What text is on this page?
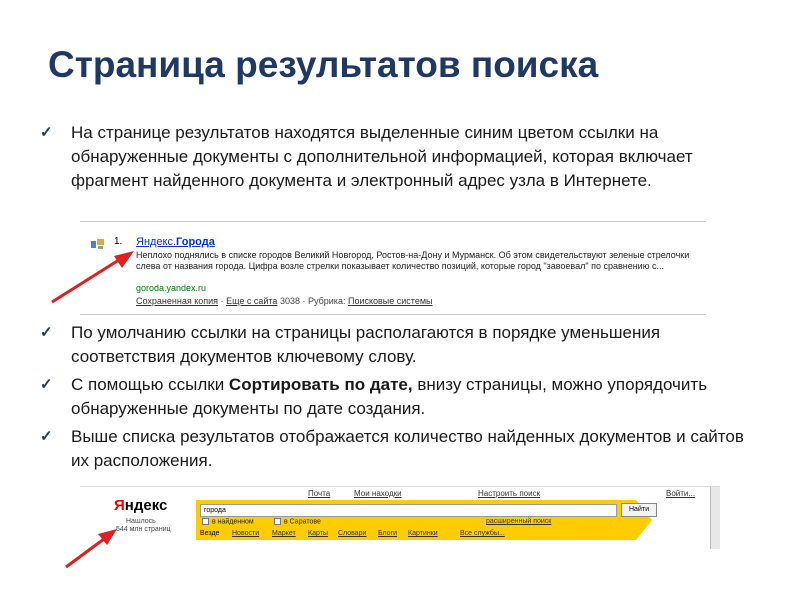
Страница результатов поиска
✓ На странице результатов находятся выделенные синим цветом ссылки на обнаруженные документы с дополнительной информацией, которая включает фрагмент найденного документа и электронный адрес узла в Интернете.
1. Яндекс.Города
Неплохо поднялись в списке городов Великий Новгород, Ростов-на-Дону и Мурманск. Об этом свидетельствуют зеленые стрелочки слева от названия города. Цифра возле стрелки показывает количество позиций, которые город "завоевал" по сравнению с...
goroda.yandex.ru
Сохраненная копия · Еще с сайта 3038 · Рубрика: Поисковые системы
✓ По умолчанию ссылки на страницы располагаются в порядке уменьшения соответствия документов ключевому слову.
✓ С помощью ссылки Сортировать по дате, внизу страницы, можно упорядочить обнаруженные документы по дате создания.
✓ Выше списка результатов отображается количество найденных документов и сайтов их расположения.
Яндекс
Нашлось
544 млн страниц
Почта	Мои находки	Настроить поиск	Войти...
города	Найти
в найденном	в Саратове	расширенный поиск
Везде Новости Маркет Карты Словари Блоги Картинки	Все службы...
